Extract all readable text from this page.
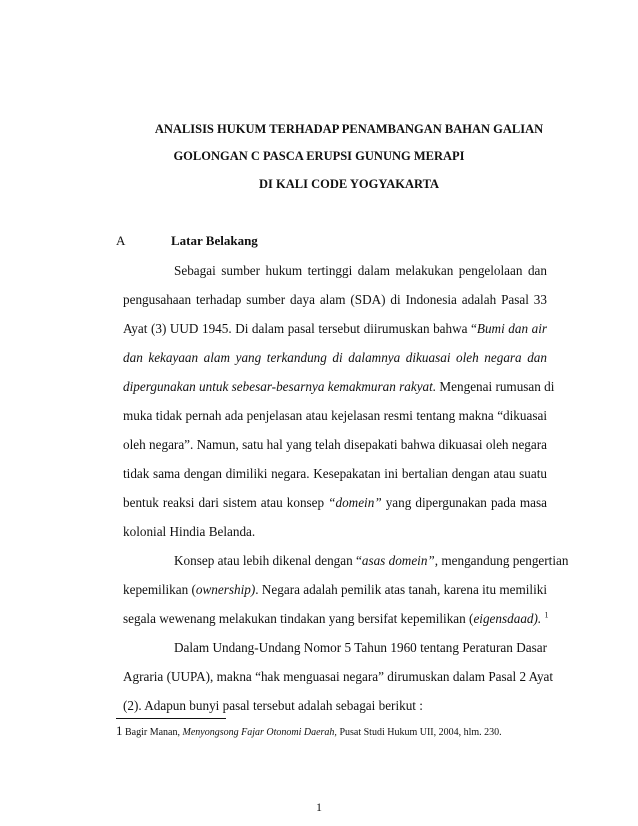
ANALISIS HUKUM TERHADAP PENAMBANGAN BAHAN GALIAN
GOLONGAN C PASCA ERUPSI GUNUNG MERAPI
DI KALI CODE YOGYAKARTA
A	Latar Belakang
Sebagai sumber hukum tertinggi dalam melakukan pengelolaan dan
pengusahaan terhadap sumber daya alam (SDA) di Indonesia adalah Pasal 33
Ayat (3) UUD 1945. Di dalam pasal tersebut diirumuskan bahwa “Bumi dan air
dan kekayaan alam yang terkandung di dalamnya dikuasai oleh negara dan
dipergunakan untuk sebesar-besarnya kemakmuran rakyat. Mengenai rumusan di
muka tidak pernah ada penjelasan atau kejelasan resmi tentang makna “dikuasai
oleh negara”. Namun, satu hal yang telah disepakati bahwa dikuasai oleh negara
tidak sama dengan dimiliki negara. Kesepakatan ini bertalian dengan atau suatu
bentuk reaksi dari sistem atau konsep “domein” yang dipergunakan pada masa
kolonial Hindia Belanda.
Konsep atau lebih dikenal dengan “asas domein”, mengandung pengertian
kepemilikan (ownership). Negara adalah pemilik atas tanah, karena itu memiliki
segala wewenang melakukan tindakan yang bersifat kepemilikan (eigensdaad). $^1$
Dalam Undang-Undang Nomor 5 Tahun 1960 tentang Peraturan Dasar
Agraria (UUPA), makna “hak menguasai negara” dirumuskan dalam Pasal 2 Ayat
(2). Adapun bunyi pasal tersebut adalah sebagai berikut :
1 Bagir Manan, Menyongsong Fajar Otonomi Daerah, Pusat Studi Hukum UII, 2004, hlm. 230.
1
